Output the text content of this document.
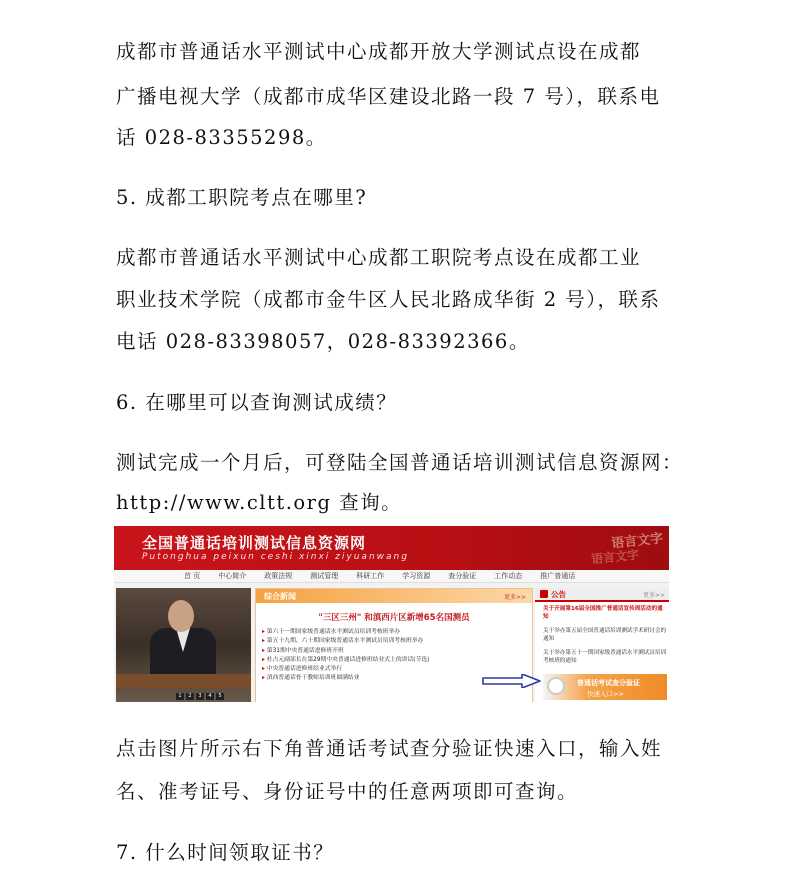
成都市普通话水平测试中心成都开放大学测试点设在成都
广播电视大学（成都市成华区建设北路一段 7 号），联系电
话 028-83355298。
5. 成都工职院考点在哪里?
成都市普通话水平测试中心成都工职院考点设在成都工业
职业技术学院（成都市金牛区人民北路成华街 2 号），联系
电话 028-83398057，028-83392366。
6. 在哪里可以查询测试成绩？
测试完成一个月后，可登陆全国普通话培训测试信息资源网：
http://www.cltt.org 查询。
全国普通话培训测试信息资源网
Putonghua peixun ceshi xinxi ziyuanwang
语言文字
语言文字
首 页	中心简介	政策法规	测试管理	科研工作	学习资源	查分验证	工作动态	推广普通话
1	2	3	4	5
综合新闻	更多>>
"三区三州" 和滇西片区新增65名国测员
▸ 第六十一期国家级普通话水平测试员培训考核班举办
▸ 第五十九期、六十期国家级普通话水平测试员培训考核班举办
▸ 第31期中央普通话进修班开班
▸ 杜占元副部长在第29期中央普通话进修班结业式上的讲话(节选)
▸ 中央普通话进修班结业式举行
▸ 滇西普通话骨干教师培训班圆满结业
公告	更多>>
关于开展第16届全国推广普通话宣传周活动的通知
关于举办第五届全国普通话培训测试学术研讨会的通知
关于举办第五十一期国家级普通话水平测试员培训考核班的通知
普通话考试查分验证
快速入口>>
点击图片所示右下角普通话考试查分验证快速入口，输入姓
名、准考证号、身份证号中的任意两项即可查询。
7. 什么时间领取证书？
